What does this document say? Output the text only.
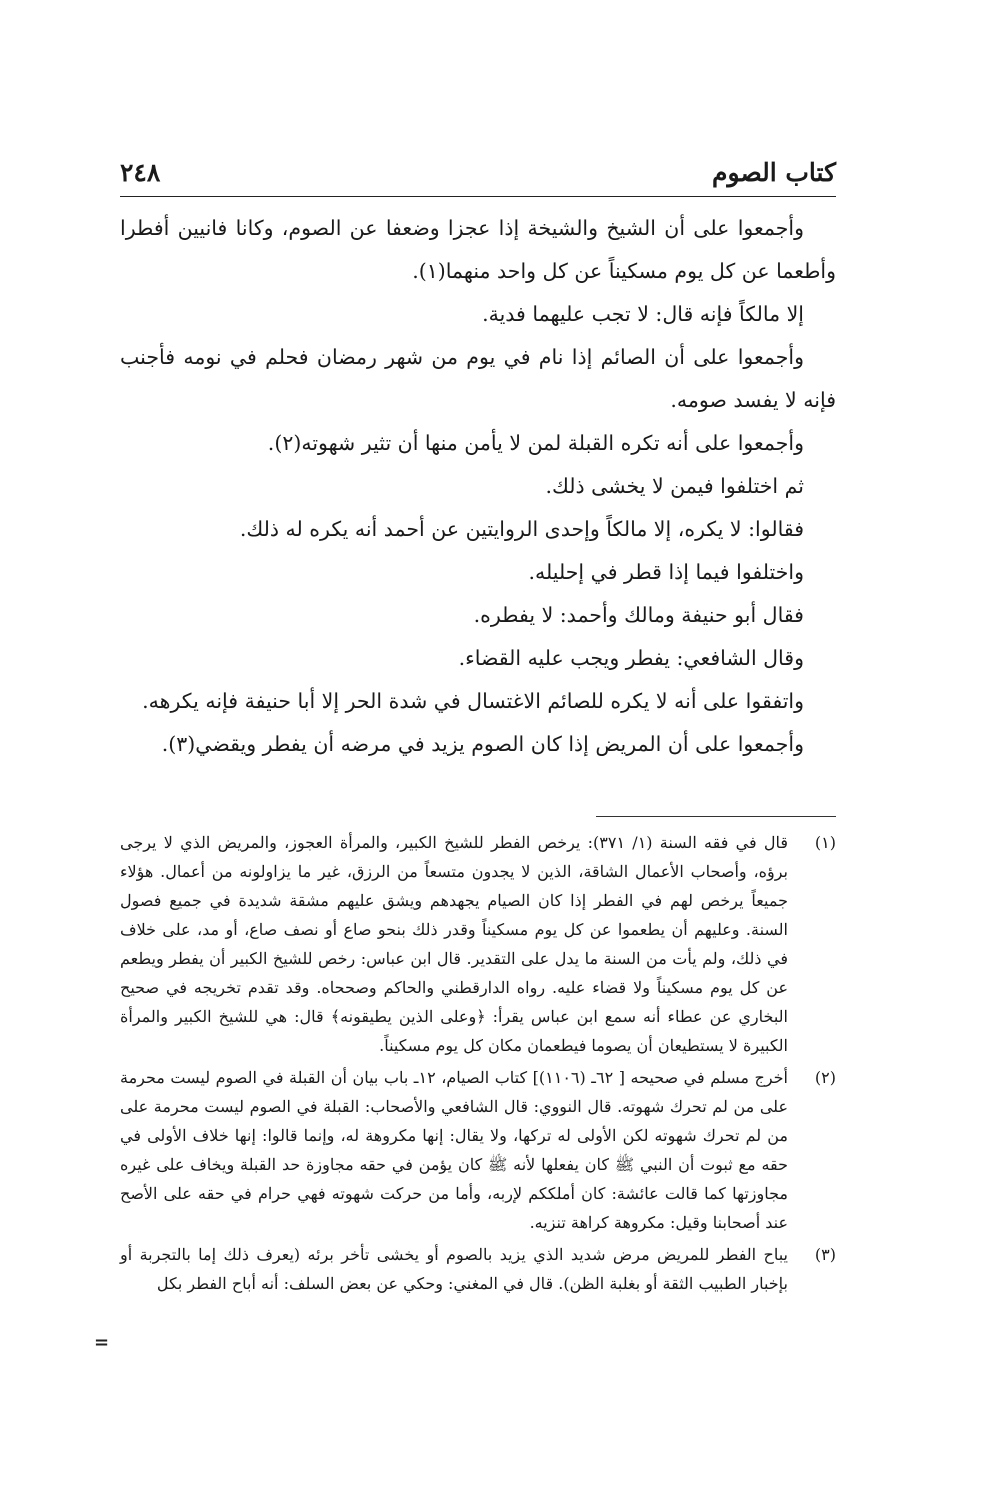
كتاب الصوم
٢٤٨

وأجمعوا على أن الشيخ والشيخة إذا عجزا وضعفا عن الصوم، وكانا فانيين أفطرا وأطعما عن كل يوم مسكيناً عن كل واحد منهما(١).

إلا مالكاً فإنه قال: لا تجب عليهما فدية.

وأجمعوا على أن الصائم إذا نام في يوم من شهر رمضان فحلم في نومه فأجنب فإنه لا يفسد صومه.

وأجمعوا على أنه تكره القبلة لمن لا يأمن منها أن تثير شهوته(٢).

ثم اختلفوا فيمن لا يخشى ذلك.

فقالوا: لا يكره، إلا مالكاً وإحدى الروايتين عن أحمد أنه يكره له ذلك.

واختلفوا فيما إذا قطر في إحليله.

فقال أبو حنيفة ومالك وأحمد: لا يفطره.

وقال الشافعي: يفطر ويجب عليه القضاء.

واتفقوا على أنه لا يكره للصائم الاغتسال في شدة الحر إلا أبا حنيفة فإنه يكرهه.

وأجمعوا على أن المريض إذا كان الصوم يزيد في مرضه أن يفطر ويقضي(٣).

(١)
قال في فقه السنة (١/ ٣٧١): يرخص الفطر للشيخ الكبير، والمرأة العجوز، والمريض الذي لا يرجى برؤه، وأصحاب الأعمال الشاقة، الذين لا يجدون متسعاً من الرزق، غير ما يزاولونه من أعمال. هؤلاء جميعاً يرخص لهم في الفطر إذا كان الصيام يجهدهم ويشق عليهم مشقة شديدة في جميع فصول السنة. وعليهم أن يطعموا عن كل يوم مسكيناً وقدر ذلك بنحو صاع أو نصف صاع، أو مد، على خلاف في ذلك، ولم يأت من السنة ما يدل على التقدير. قال ابن عباس: رخص للشيخ الكبير أن يفطر ويطعم عن كل يوم مسكيناً ولا قضاء عليه. رواه الدارقطني والحاكم وصححاه. وقد تقدم تخريجه في صحيح البخاري عن عطاء أنه سمع ابن عباس يقرأ: ﴿وعلى الذين يطيقونه﴾ قال: هي للشيخ الكبير والمرأة الكبيرة لا يستطيعان أن يصوما فيطعمان مكان كل يوم مسكيناً.
(٢)
أخرج مسلم في صحيحه [ ٦٢ـ (١١٠٦)] كتاب الصيام، ١٢ـ باب بيان أن القبلة في الصوم ليست محرمة على من لم تحرك شهوته. قال النووي: قال الشافعي والأصحاب: القبلة في الصوم ليست محرمة على من لم تحرك شهوته لكن الأولى له تركها، ولا يقال: إنها مكروهة له، وإنما قالوا: إنها خلاف الأولى في حقه مع ثبوت أن النبي ﷺ كان يفعلها لأنه ﷺ كان يؤمن في حقه مجاوزة حد القبلة ويخاف على غيره مجاوزتها كما قالت عائشة: كان أملككم لإربه، وأما من حركت شهوته فهي حرام في حقه على الأصح عند أصحابنا وقيل: مكروهة كراهة تنزيه.
(٣)
يباح الفطر للمريض مرض شديد الذي يزيد بالصوم أو يخشى تأخر برئه (يعرف ذلك إما بالتجربة أو بإخبار الطبيب الثقة أو بغلبة الظن). قال في المغني: وحكي عن بعض السلف: أنه أباح الفطر بكل
=
